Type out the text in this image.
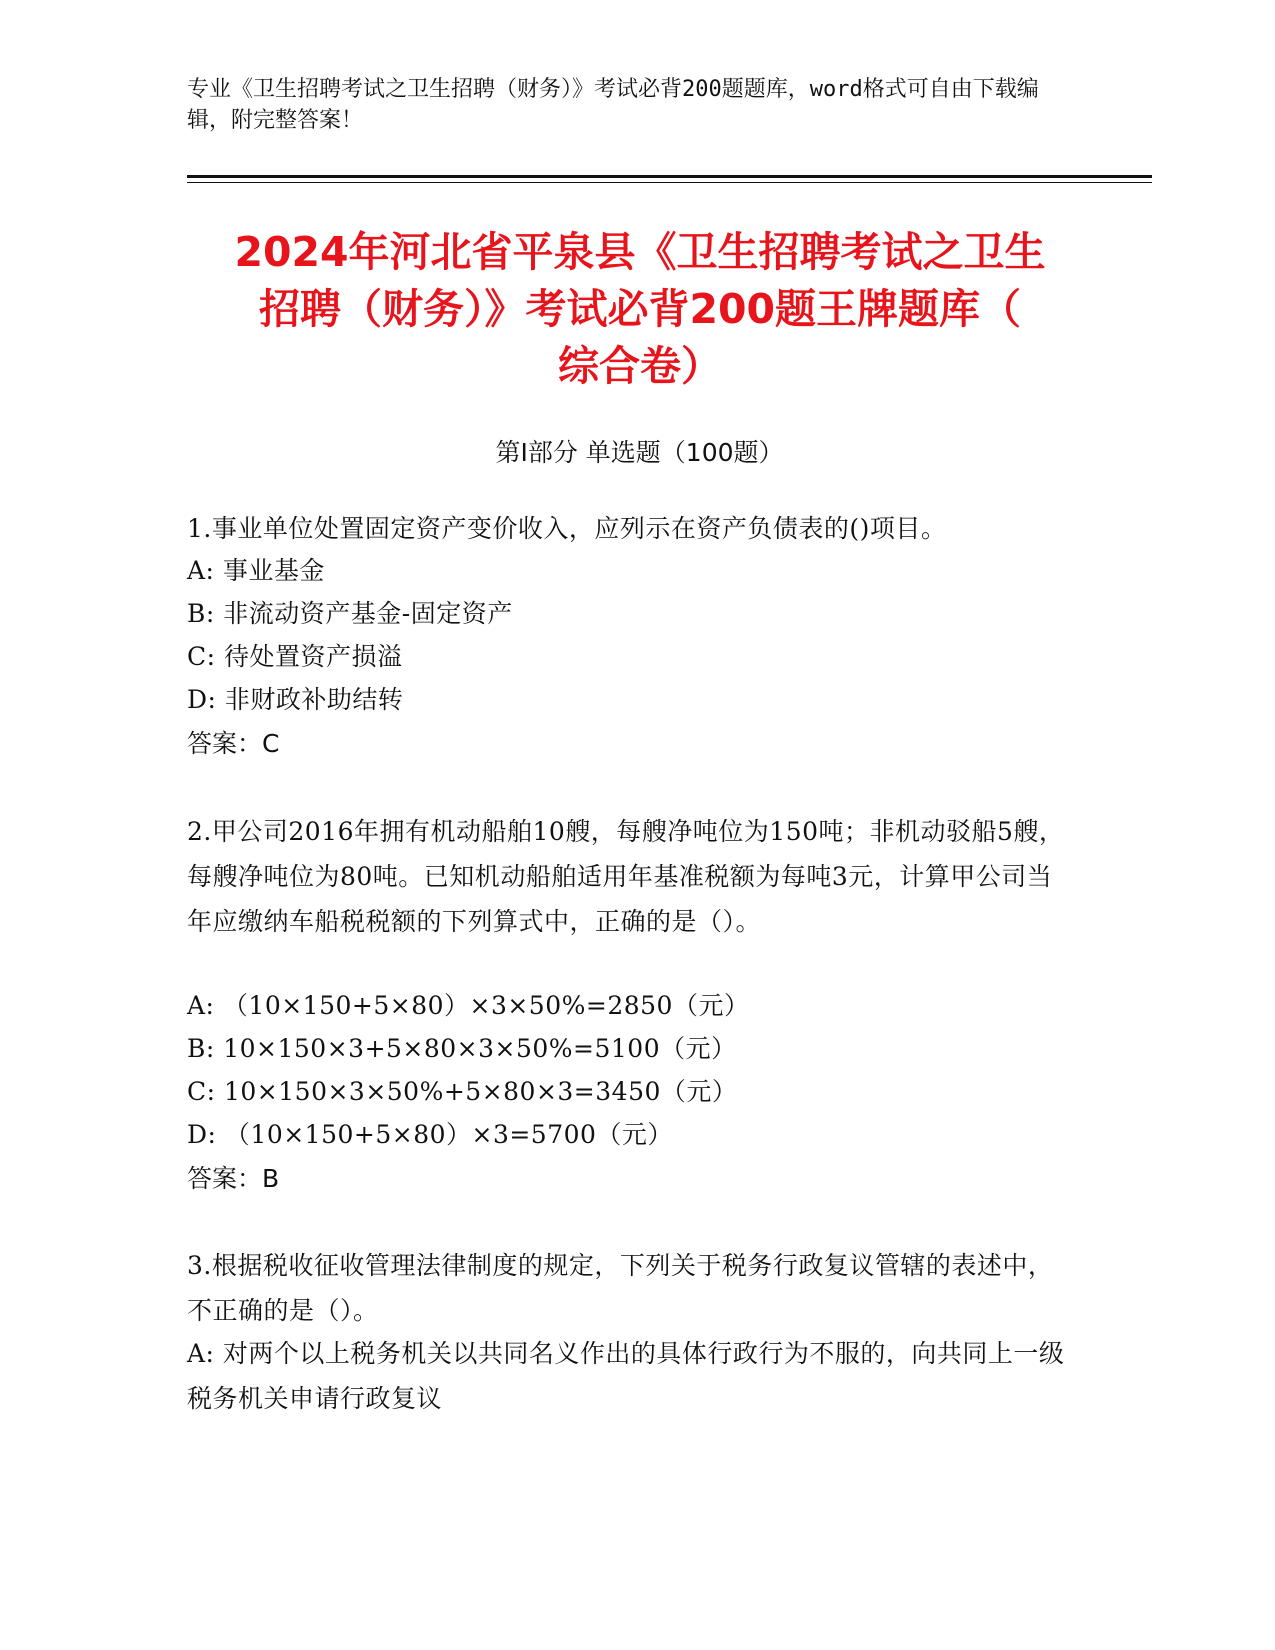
专业《卫生招聘考试之卫生招聘（财务）》考试必背200题题库，word格式可自由下载编辑，附完整答案！
2024年河北省平泉县《卫生招聘考试之卫生
招聘（财务）》考试必背200题王牌题库（
综合卷）
第I部分 单选题（100题）
1.事业单位处置固定资产变价收入，应列示在资产负债表的()项目。
A: 事业基金
B: 非流动资产基金-固定资产
C: 待处置资产损溢
D: 非财政补助结转
答案：C
2.甲公司2016年拥有机动船舶10艘，每艘净吨位为150吨；非机动驳船5艘，每艘净吨位为80吨。已知机动船舶适用年基准税额为每吨3元，计算甲公司当年应缴纳车船税税额的下列算式中，正确的是（）。
A: （10×150+5×80）×3×50%=2850（元）
B: 10×150×3+5×80×3×50%=5100（元）
C: 10×150×3×50%+5×80×3=3450（元）
D: （10×150+5×80）×3=5700（元）
答案：B
3.根据税收征收管理法律制度的规定，下列关于税务行政复议管辖的表述中，不正确的是（）。
A: 对两个以上税务机关以共同名义作出的具体行政行为不服的，向共同上一级税务机关申请行政复议
